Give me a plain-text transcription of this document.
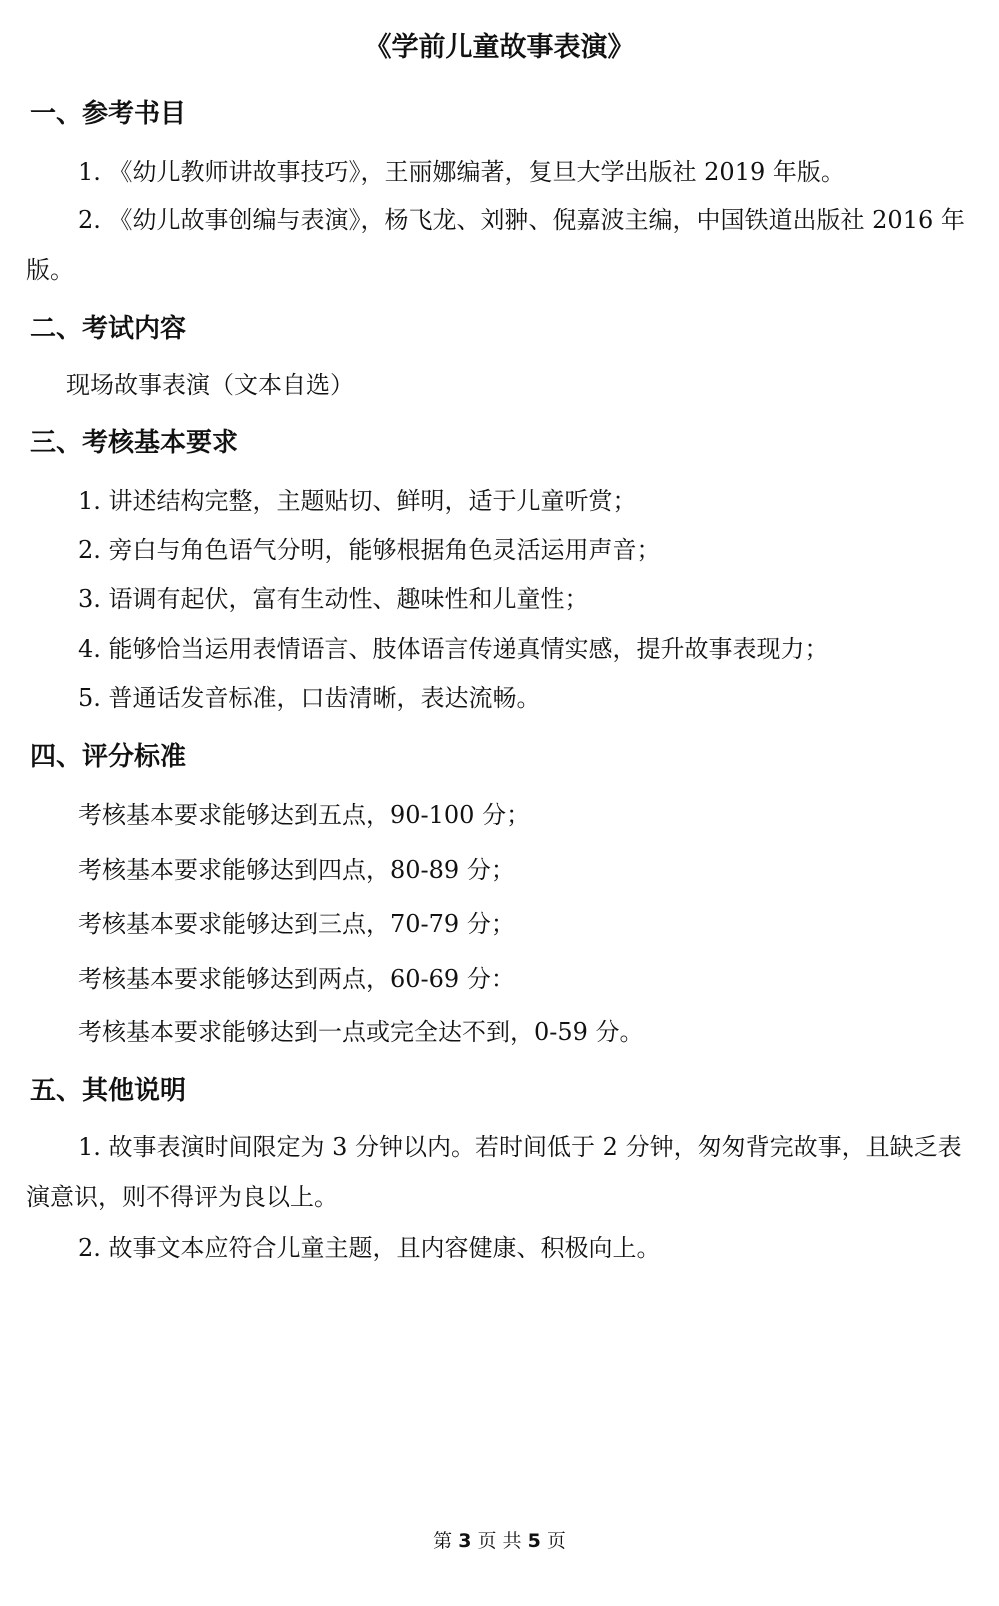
《学前儿童故事表演》
一、参考书目
1. 《幼儿教师讲故事技巧》，王丽娜编著，复旦大学出版社 2019 年版。
2. 《幼儿故事创编与表演》，杨飞龙、刘翀、倪嘉波主编，中国铁道出版社 2016 年版。
二、考试内容
现场故事表演（文本自选）
三、考核基本要求
1. 讲述结构完整，主题贴切、鲜明，适于儿童听赏；
2. 旁白与角色语气分明，能够根据角色灵活运用声音；
3. 语调有起伏，富有生动性、趣味性和儿童性；
4. 能够恰当运用表情语言、肢体语言传递真情实感，提升故事表现力；
5. 普通话发音标准，口齿清晰，表达流畅。
四、评分标准
考核基本要求能够达到五点，90-100 分；
考核基本要求能够达到四点，80-89 分；
考核基本要求能够达到三点，70-79 分；
考核基本要求能够达到两点，60-69 分：
考核基本要求能够达到一点或完全达不到，0-59 分。
五、其他说明
1. 故事表演时间限定为 3 分钟以内。若时间低于 2 分钟，匆匆背完故事，且缺乏表演意识，则不得评为良以上。
2. 故事文本应符合儿童主题，且内容健康、积极向上。
第 3 页 共 5 页
